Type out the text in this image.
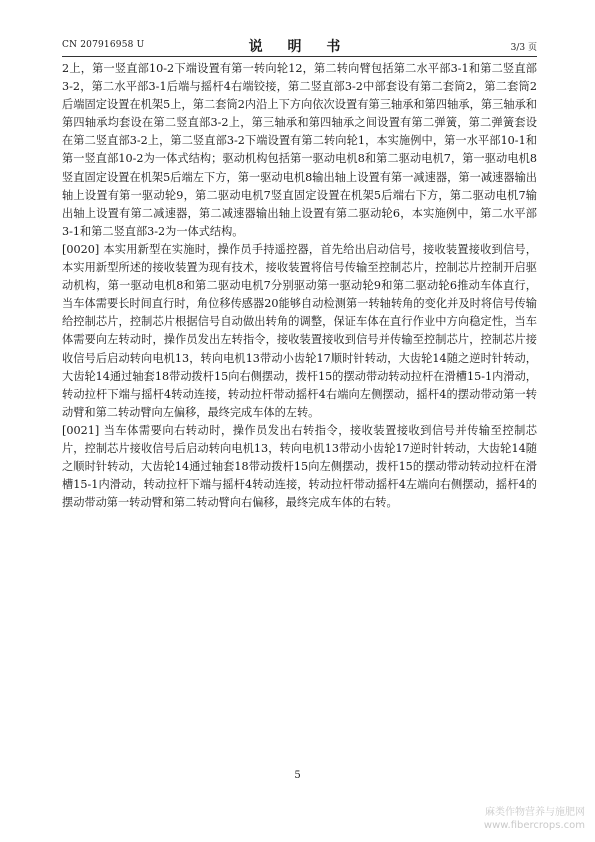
CN 207916958 U	说 明 书	3/3 页

2上，第一竖直部10-2下端设置有第一转向轮12，第二转向臂包括第二水平部3-1和第二竖直部3-2，第二水平部3-1后端与摇杆4右端铰接，第二竖直部3-2中部套设有第二套筒2，第二套筒2后端固定设置在机架5上，第二套筒2内沿上下方向依次设置有第三轴承和第四轴承，第三轴承和第四轴承均套设在第二竖直部3-2上，第三轴承和第四轴承之间设置有第二弹簧，第二弹簧套设在第二竖直部3-2上，第二竖直部3-2下端设置有第二转向轮1，本实施例中，第一水平部10-1和第一竖直部10-2为一体式结构；驱动机构包括第一驱动电机8和第二驱动电机7，第一驱动电机8竖直固定设置在机架5后端左下方，第一驱动电机8输出轴上设置有第一减速器，第一减速器输出轴上设置有第一驱动轮9，第二驱动电机7竖直固定设置在机架5后端右下方，第二驱动电机7输出轴上设置有第二减速器，第二减速器输出轴上设置有第二驱动轮6，本实施例中，第二水平部3-1和第二竖直部3-2为一体式结构。

[0020] 本实用新型在实施时，操作员手持遥控器，首先给出启动信号，接收装置接收到信号，本实用新型所述的接收装置为现有技术，接收装置将信号传输至控制芯片，控制芯片控制开启驱动机构，第一驱动电机8和第二驱动电机7分别驱动第一驱动轮9和第二驱动轮6推动车体直行，当车体需要长时间直行时，角位移传感器20能够自动检测第一转轴转角的变化并及时将信号传输给控制芯片，控制芯片根据信号自动做出转角的调整，保证车体在直行作业中方向稳定性，当车体需要向左转动时，操作员发出左转指令，接收装置接收到信号并传输至控制芯片，控制芯片接收信号后启动转向电机13，转向电机13带动小齿轮17顺时针转动，大齿轮14随之逆时针转动，大齿轮14通过轴套18带动拨杆15向右侧摆动，拨杆15的摆动带动转动拉杆在滑槽15-1内滑动，转动拉杆下端与摇杆4转动连接，转动拉杆带动摇杆4右端向左侧摆动，摇杆4的摆动带动第一转动臂和第二转动臂向左偏移，最终完成车体的左转。

[0021] 当车体需要向右转动时，操作员发出右转指令，接收装置接收到信号并传输至控制芯片，控制芯片接收信号后启动转向电机13，转向电机13带动小齿轮17逆时针转动，大齿轮14随之顺时针转动，大齿轮14通过轴套18带动拨杆15向左侧摆动，拨杆15的摆动带动转动拉杆在滑槽15-1内滑动，转动拉杆下端与摇杆4转动连接，转动拉杆带动摇杆4左端向右侧摆动，摇杆4的摆动带动第一转动臂和第二转动臂向右偏移，最终完成车体的右转。

5
麻类作物营养与施肥网
www.fibercrops.com
